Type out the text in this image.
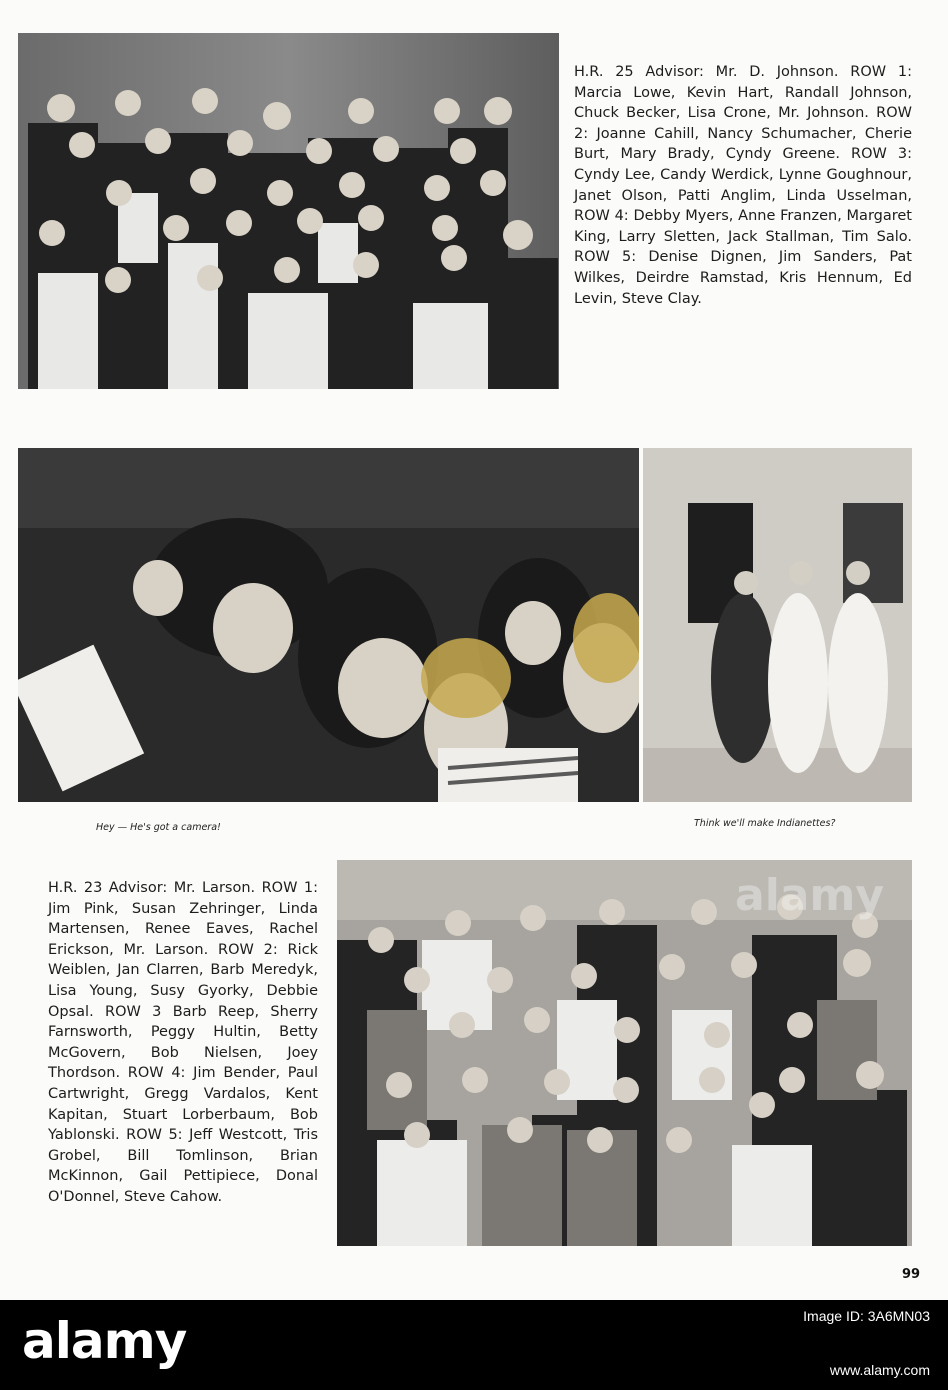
H.R. 25 Advisor: Mr. D. Johnson. ROW 1: Marcia Lowe, Kevin Hart, Randall Johnson, Chuck Becker, Lisa Crone, Mr. Johnson. ROW 2: Joanne Cahill, Nancy Schumacher, Cherie Burt, Mary Brady, Cyndy Greene. ROW 3: Cyndy Lee, Candy Werdick, Lynne Goughnour, Janet Olson, Patti Anglim, Linda Usselman, ROW 4: Debby Myers, Anne Franzen, Margaret King, Larry Sletten, Jack Stallman, Tim Salo. ROW 5: Denise Dignen, Jim Sanders, Pat Wilkes, Deirdre Ramstad, Kris Hennum, Ed Levin, Steve Clay.

Hey — He's got a camera!	Think we'll make Indianettes?

H.R. 23 Advisor: Mr. Larson. ROW 1: Jim Pink, Susan Zehringer, Linda Martensen, Renee Eaves, Rachel Erickson, Mr. Larson. ROW 2: Rick Weiblen, Jan Clarren, Barb Meredyk, Lisa Young, Susy Gyorky, Debbie Opsal. ROW 3 Barb Reep, Sherry Farnsworth, Peggy Hultin, Betty McGovern, Bob Nielsen, Joey Thordson. ROW 4: Jim Bender, Paul Cartwright, Gregg Vardalos, Kent Kapitan, Stuart Lorberbaum, Bob Yablonski. ROW 5: Jeff Westcott, Tris Grobel, Bill Tomlinson, Brian McKinnon, Gail Pettipiece, Donal O'Donnel, Steve Cahow.

alamy
99
alamy	Image ID: 3A6MN03
www.alamy.com
